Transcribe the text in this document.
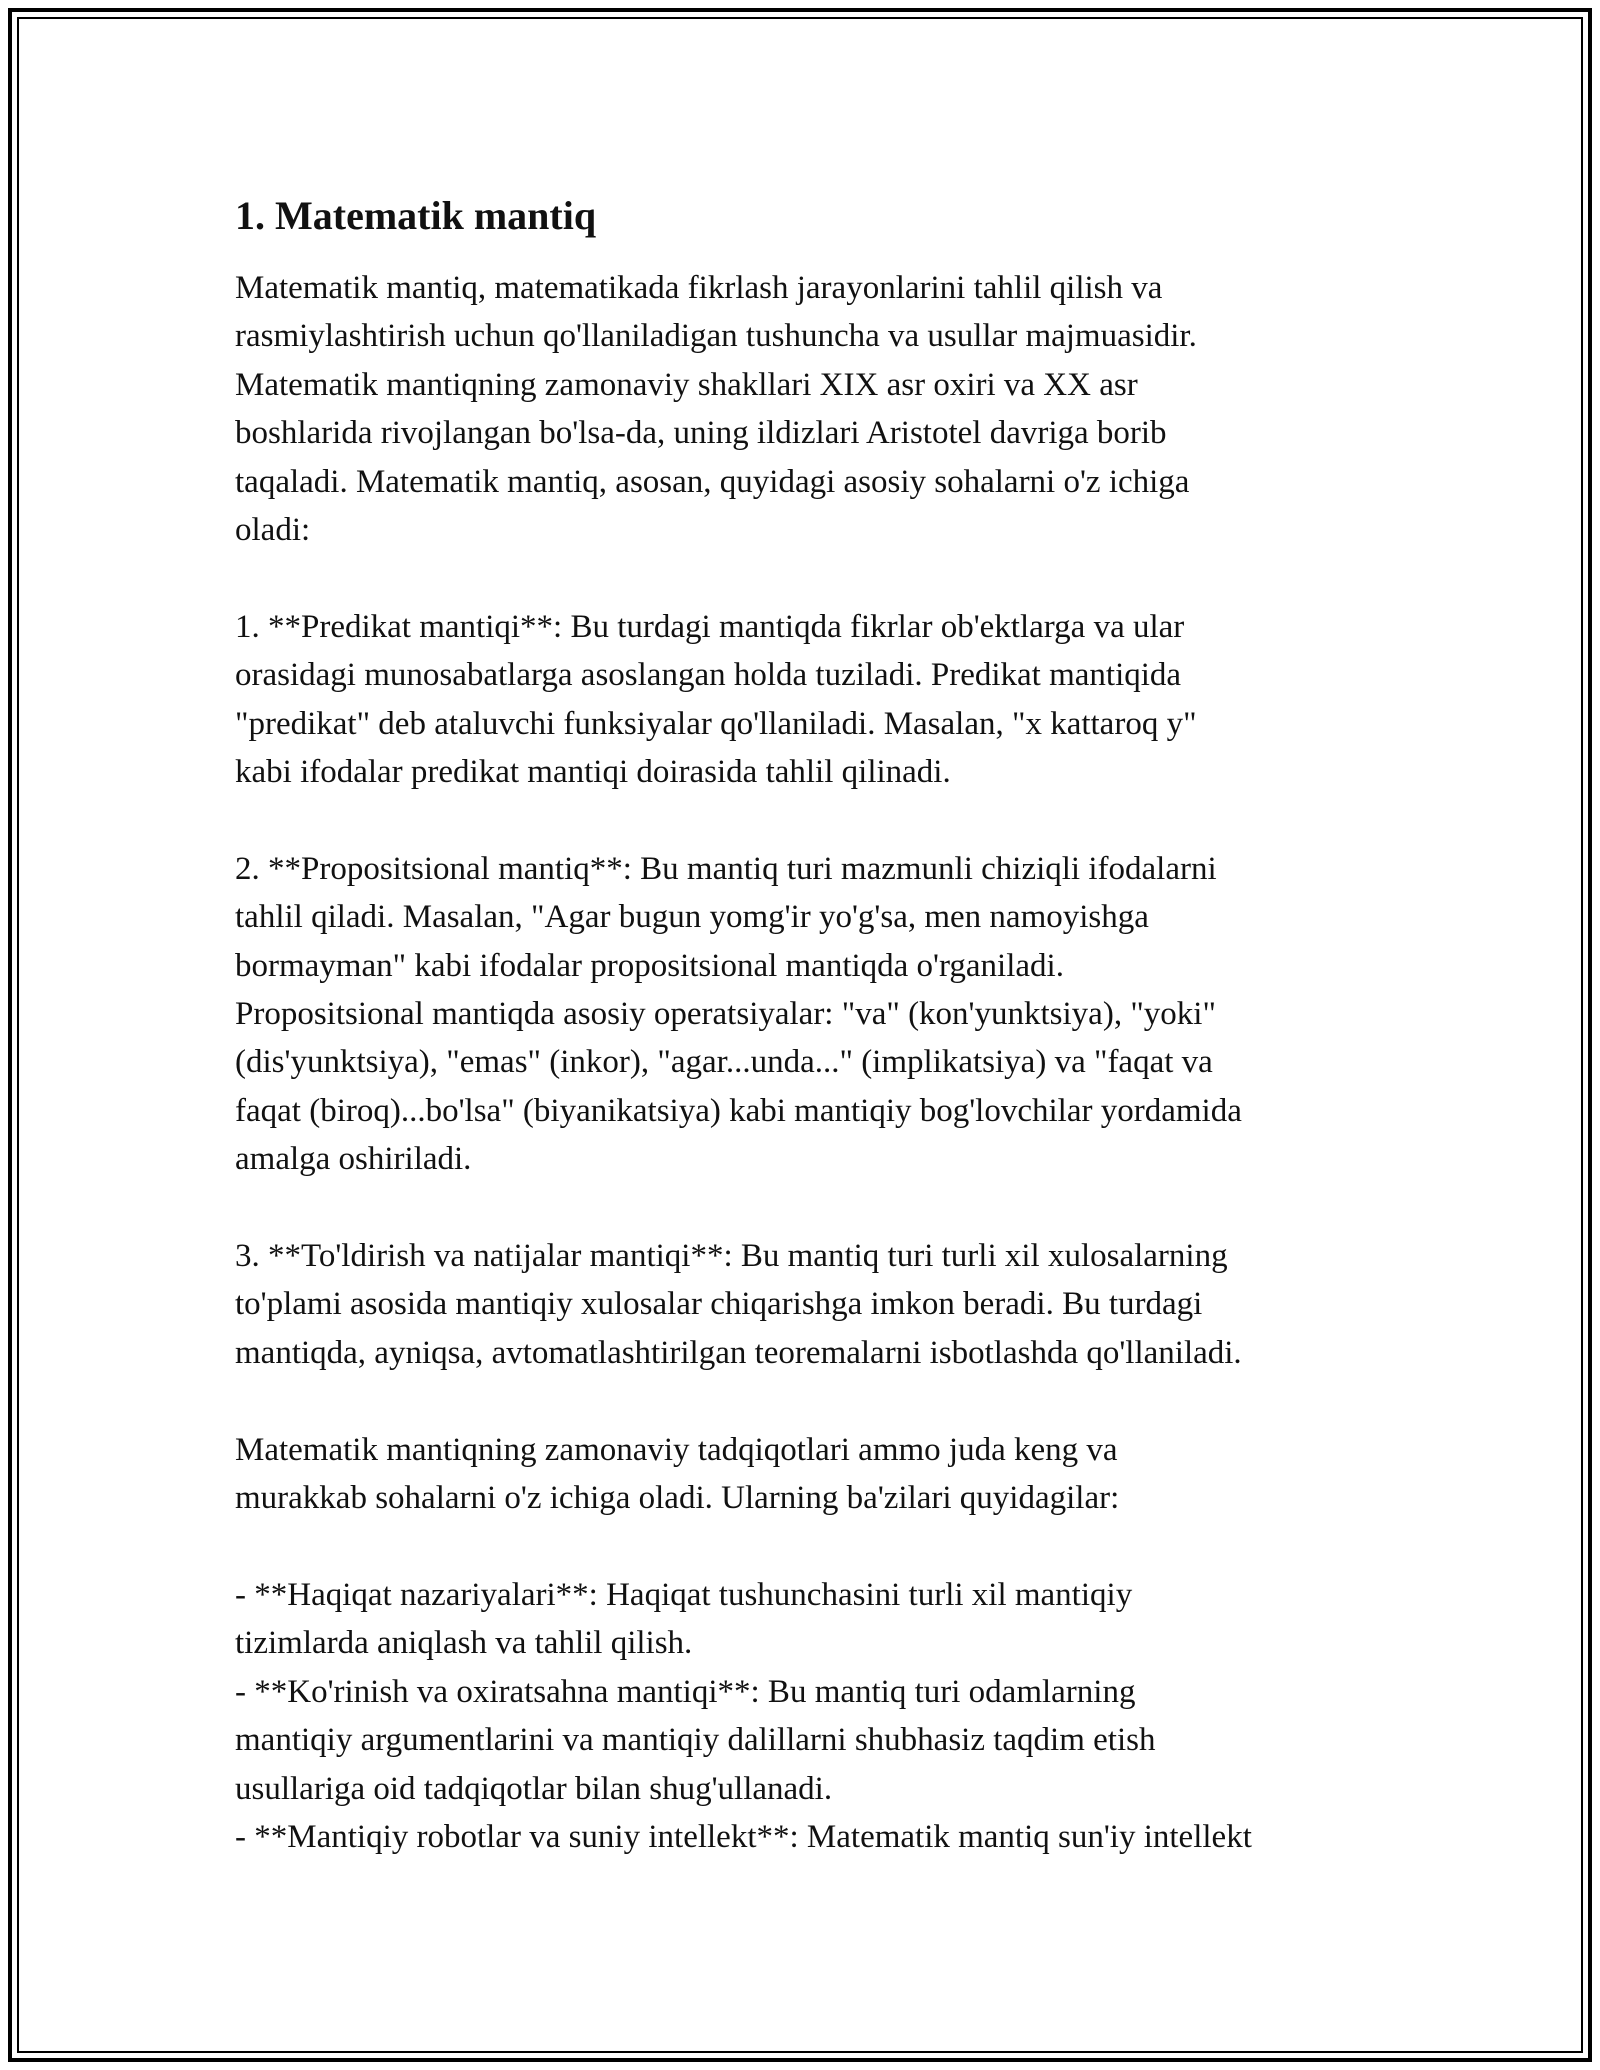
1. Matematik mantiq

Matematik mantiq, matematikada fikrlash jarayonlarini tahlil qilish va
rasmiylashtirish uchun qo'llaniladigan tushuncha va usullar majmuasidir.
Matematik mantiqning zamonaviy shakllari XIX asr oxiri va XX asr
boshlarida rivojlangan bo'lsa-da, uning ildizlari Aristotel davriga borib
taqaladi. Matematik mantiq, asosan, quyidagi asosiy sohalarni o'z ichiga
oladi:

1. **Predikat mantiqi**: Bu turdagi mantiqda fikrlar ob'ektlarga va ular
orasidagi munosabatlarga asoslangan holda tuziladi. Predikat mantiqida
"predikat" deb ataluvchi funksiyalar qo'llaniladi. Masalan, "x kattaroq y"
kabi ifodalar predikat mantiqi doirasida tahlil qilinadi.

2. **Propositsional mantiq**: Bu mantiq turi mazmunli chiziqli ifodalarni
tahlil qiladi. Masalan, "Agar bugun yomg'ir yo'g'sa, men namoyishga
bormayman" kabi ifodalar propositsional mantiqda o'rganiladi.
Propositsional mantiqda asosiy operatsiyalar: "va" (kon'yunktsiya), "yoki"
(dis'yunktsiya), "emas" (inkor), "agar...unda..." (implikatsiya) va "faqat va
faqat (biroq)...bo'lsa" (biyanikatsiya) kabi mantiqiy bog'lovchilar yordamida
amalga oshiriladi.

3. **To'ldirish va natijalar mantiqi**: Bu mantiq turi turli xil xulosalarning
to'plami asosida mantiqiy xulosalar chiqarishga imkon beradi. Bu turdagi
mantiqda, ayniqsa, avtomatlashtirilgan teoremalarni isbotlashda qo'llaniladi.

Matematik mantiqning zamonaviy tadqiqotlari ammo juda keng va
murakkab sohalarni o'z ichiga oladi. Ularning ba'zilari quyidagilar:

- **Haqiqat nazariyalari**: Haqiqat tushunchasini turli xil mantiqiy
tizimlarda aniqlash va tahlil qilish.
- **Ko'rinish va oxiratsahna mantiqi**: Bu mantiq turi odamlarning
mantiqiy argumentlarini va mantiqiy dalillarni shubhasiz taqdim etish
usullariga oid tadqiqotlar bilan shug'ullanadi.
- **Mantiqiy robotlar va suniy intellekt**: Matematik mantiq sun'iy intellekt
